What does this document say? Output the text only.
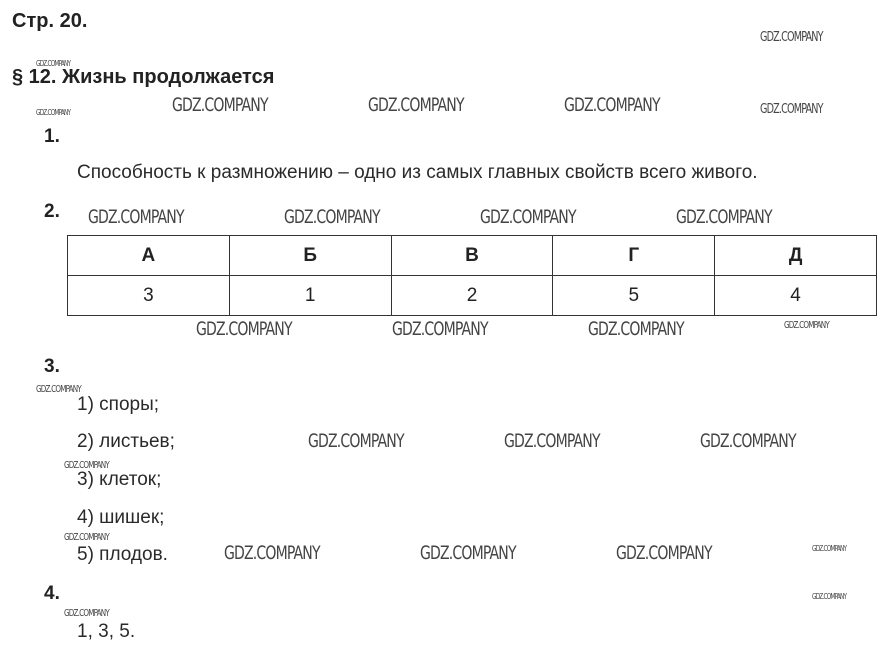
Стр. 20.
§ 12. Жизнь продолжается
1.
Способность к размножению – одно из самых главных свойств всего живого.
2.
А	Б	В	Г	Д
3	1	2	5	4
3.
1) споры;
2) листьев;
3) клеток;
4) шишек;
5) плодов.
4.
1, 3, 5.
GDZ.COMPANY
GDZ.COMPANY
GDZ.COMPANY	GDZ.COMPANY	GDZ.COMPANY	GDZ.COMPANY
GDZ.COMPANY
GDZ.COMPANY	GDZ.COMPANY	GDZ.COMPANY	GDZ.COMPANY
GDZ.COMPANY	GDZ.COMPANY	GDZ.COMPANY	GDZ.COMPANY
GDZ.COMPANY
GDZ.COMPANY	GDZ.COMPANY	GDZ.COMPANY
GDZ.COMPANY
GDZ.COMPANY
GDZ.COMPANY	GDZ.COMPANY	GDZ.COMPANY	GDZ.COMPANY
GDZ.COMPANY
GDZ.COMPANY
